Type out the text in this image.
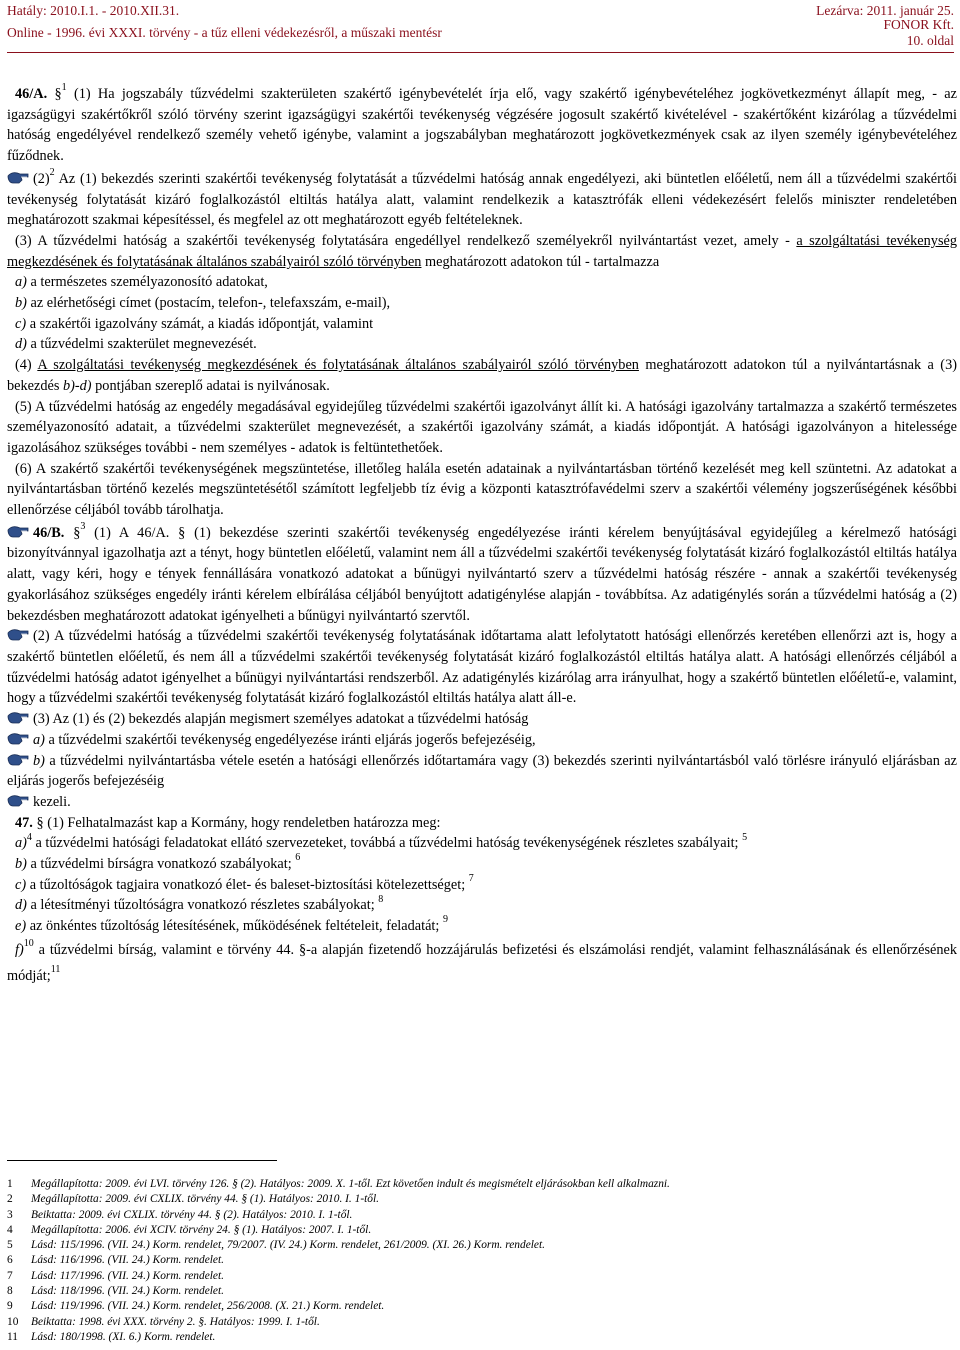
Hatály: 2010.I.1. - 2010.XII.31.
Online - 1996. évi XXXI. törvény - a tűz elleni védekezésről, a műszaki mentésr
Lezárva: 2011. január 25.
FONOR Kft.
10. oldal

46/A. §$^1$ (1) Ha jogszabály tűzvédelmi szakterületen szakértő igénybevételét írja elő, vagy szakértő igénybevételéhez jogkövetkezményt állapít meg, - az igazságügyi szakértőkről szóló törvény szerint igazságügyi szakértői tevékenység végzésére jogosult szakértő kivételével - szakértőként kizárólag a tűzvédelmi hatóság engedélyével rendelkező személy vehető igénybe, valamint a jogszabályban meghatározott jogkövetkezmények csak az ilyen személy igénybevételéhez fűződnek.

$(2)^2$ Az (1) bekezdés szerinti szakértői tevékenység folytatását a tűzvédelmi hatóság annak engedélyezi, aki büntetlen előéletű, nem áll a tűzvédelmi szakértői tevékenység folytatását kizáró foglalkozástól eltiltás hatálya alatt, valamint rendelkezik a katasztrófák elleni védekezésért felelős miniszter rendeletében meghatározott szakmai képesítéssel, és megfelel az ott meghatározott egyéb feltételeknek.

(3) A tűzvédelmi hatóság a szakértői tevékenység folytatására engedéllyel rendelkező személyekről nyilvántartást vezet, amely - a szolgáltatási tevékenység megkezdésének és folytatásának általános szabályairól szóló törvényben meghatározott adatokon túl - tartalmazza

a) a természetes személyazonosító adatokat,

b) az elérhetőségi címet (postacím, telefon-, telefaxszám, e-mail),

c) a szakértői igazolvány számát, a kiadás időpontját, valamint

d) a tűzvédelmi szakterület megnevezését.

(4) A szolgáltatási tevékenység megkezdésének és folytatásának általános szabályairól szóló törvényben meghatározott adatokon túl a nyilvántartásnak a (3) bekezdés b)-d) pontjában szereplő adatai is nyilvánosak.

(5) A tűzvédelmi hatóság az engedély megadásával egyidejűleg tűzvédelmi szakértői igazolványt állít ki. A hatósági igazolvány tartalmazza a szakértő természetes személyazonosító adatait, a tűzvédelmi szakterület megnevezését, a szakértői igazolvány számát, a kiadás időpontját. A hatósági igazolványon a hitelessége igazolásához szükséges további - nem személyes - adatok is feltüntethetőek.

(6) A szakértő szakértői tevékenységének megszüntetése, illetőleg halála esetén adatainak a nyilvántartásban történő kezelését meg kell szüntetni. Az adatokat a nyilvántartásban történő kezelés megszüntetésétől számított legfeljebb tíz évig a központi katasztrófavédelmi szerv a szakértői vélemény jogszerűségének későbbi ellenőrzése céljából tovább tárolhatja.

46/B. §$^3$ (1) A 46/A. § (1) bekezdése szerinti szakértői tevékenység engedélyezése iránti kérelem benyújtásával egyidejűleg a kérelmező hatósági bizonyítvánnyal igazolhatja azt a tényt, hogy büntetlen előéletű, valamint nem áll a tűzvédelmi szakértői tevékenység folytatását kizáró foglalkozástól eltiltás hatálya alatt, vagy kéri, hogy e tények fennállására vonatkozó adatokat a bűnügyi nyilvántartó szerv a tűzvédelmi hatóság részére - annak a szakértői tevékenység gyakorlásához szükséges engedély iránti kérelem elbírálása céljából benyújtott adatigénylése alapján - továbbítsa. Az adatigénylés során a tűzvédelmi hatóság a (2) bekezdésben meghatározott adatokat igényelheti a bűnügyi nyilvántartó szervtől.

(2) A tűzvédelmi hatóság a tűzvédelmi szakértői tevékenység folytatásának időtartama alatt lefolytatott hatósági ellenőrzés keretében ellenőrzi azt is, hogy a szakértő büntetlen előéletű, és nem áll a tűzvédelmi szakértői tevékenység folytatását kizáró foglalkozástól eltiltás hatálya alatt. A hatósági ellenőrzés céljából a tűzvédelmi hatóság adatot igényelhet a bűnügyi nyilvántartási rendszerből. Az adatigénylés kizárólag arra irányulhat, hogy a szakértő büntetlen előéletű-e, valamint, hogy a tűzvédelmi szakértői tevékenység folytatását kizáró foglalkozástól eltiltás hatálya alatt áll-e.

(3) Az (1) és (2) bekezdés alapján megismert személyes adatokat a tűzvédelmi hatóság

a) a tűzvédelmi szakértői tevékenység engedélyezése iránti eljárás jogerős befejezéséig,

b) a tűzvédelmi nyilvántartásba vétele esetén a hatósági ellenőrzés időtartamára vagy (3) bekezdés szerinti nyilvántartásból való törlésre irányuló eljárásban az eljárás jogerős befejezéséig

kezeli.

47. § (1) Felhatalmazást kap a Kormány, hogy rendeletben határozza meg:

a)$^4$ a tűzvédelmi hatósági feladatokat ellátó szervezeteket, továbbá a tűzvédelmi hatóság tevékenységének részletes szabályait; $^5$

b) a tűzvédelmi bírságra vonatkozó szabályokat; $^6$

c) a tűzoltóságok tagjaira vonatkozó élet- és baleset-biztosítási kötelezettséget; $^7$

d) a létesítményi tűzoltóságra vonatkozó részletes szabályokat; $^8$

e) az önkéntes tűzoltóság létesítésének, működésének feltételeit, feladatát; $^9$

f)$^{10}$ a tűzvédelmi bírság, valamint e törvény 44. §-a alapján fizetendő hozzájárulás befizetési és elszámolási rendjét, valamint felhasználásának és ellenőrzésének módját;$^{11}$

1 Megállapította: 2009. évi LVI. törvény 126. § (2). Hatályos: 2009. X. 1-től. Ezt követően indult és megismételt eljárásokban kell alkalmazni.
2 Megállapította: 2009. évi CXLIX. törvény 44. § (1). Hatályos: 2010. I. 1-től.
3 Beiktatta: 2009. évi CXLIX. törvény 44. § (2). Hatályos: 2010. I. 1-től.
4 Megállapította: 2006. évi XCIV. törvény 24. § (1). Hatályos: 2007. I. 1-től.
5 Lásd: 115/1996. (VII. 24.) Korm. rendelet, 79/2007. (IV. 24.) Korm. rendelet, 261/2009. (XI. 26.) Korm. rendelet.
6 Lásd: 116/1996. (VII. 24.) Korm. rendelet.
7 Lásd: 117/1996. (VII. 24.) Korm. rendelet.
8 Lásd: 118/1996. (VII. 24.) Korm. rendelet.
9 Lásd: 119/1996. (VII. 24.) Korm. rendelet, 256/2008. (X. 21.) Korm. rendelet.
10 Beiktatta: 1998. évi XXX. törvény 2. §. Hatályos: 1999. I. 1-től.
11 Lásd: 180/1998. (XI. 6.) Korm. rendelet.
